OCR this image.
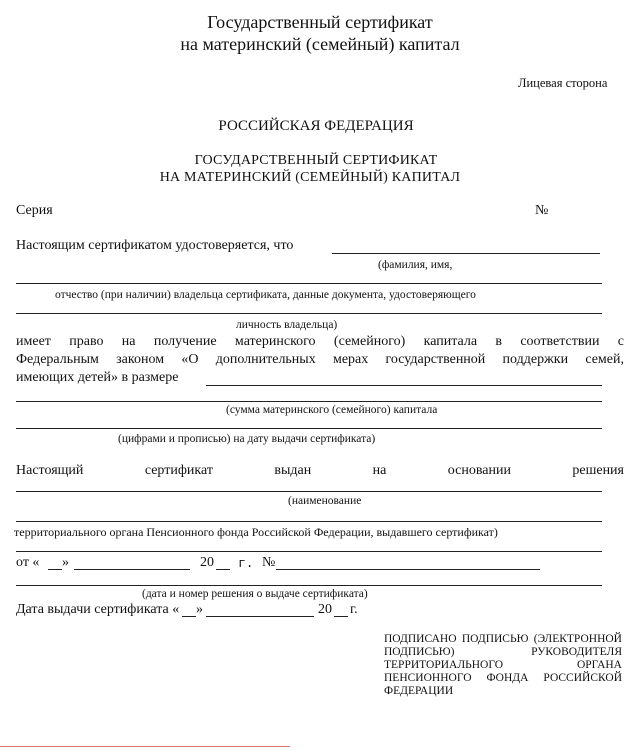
Государственный сертификат
на материнский (семейный) капитал
Лицевая сторона
РОССИЙСКАЯ ФЕДЕРАЦИЯ
ГОСУДАРСТВЕННЫЙ СЕРТИФИКАТ
НА МАТЕРИНСКИЙ (СЕМЕЙНЫЙ) КАПИТАЛ
Серия	№
Настоящим сертификатом удостоверяется, что
(фамилия, имя,
отчество (при наличии) владельца сертификата, данные документа, удостоверяющего
личность владельца)
имеет право на получение материнского (семейного) капитала в соответствии с
Федеральным законом «О дополнительных мерах государственной поддержки семей,
имеющих детей» в размере
(сумма материнского (семейного) капитала
(цифрами и прописью) на дату выдачи сертификата)
Настоящий	сертификат	выдан	на	основании	решения
(наименование
территориального органа Пенсионного фонда Российской Федерации, выдавшего сертификат)
от « »	20 г. №
(дата и номер решения о выдаче сертификата)
Дата выдачи сертификата « »	20 г.
ПОДПИСАНО ПОДПИСЬЮ (ЭЛЕКТРОННОЙ
ПОДПИСЬЮ) РУКОВОДИТЕЛЯ
ТЕРРИТОРИАЛЬНОГО ОРГАНА
ПЕНСИОННОГО ФОНДА РОССИЙСКОЙ
ФЕДЕРАЦИИ
